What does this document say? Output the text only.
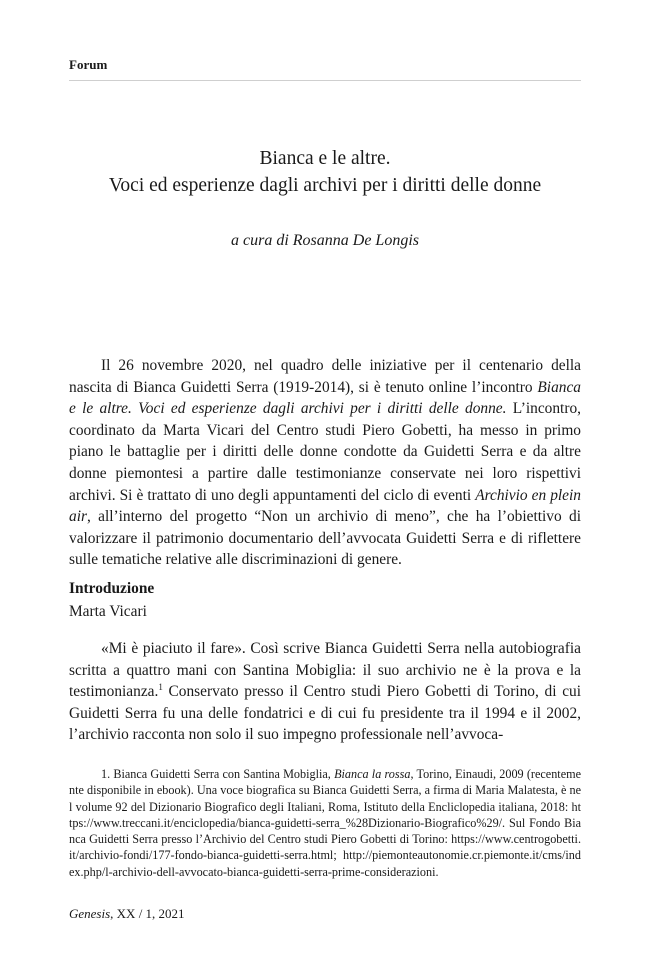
Forum
Bianca e le altre.
Voci ed esperienze dagli archivi per i diritti delle donne
a cura di Rosanna De Longis

Il 26 novembre 2020, nel quadro delle iniziative per il centenario della nascita di Bianca Guidetti Serra (1919-2014), si è tenuto online l’incontro Bianca e le altre. Voci ed esperienze dagli archivi per i diritti delle donne. L’incontro, coordinato da Marta Vicari del Centro studi Piero Gobetti, ha messo in primo piano le battaglie per i diritti delle donne condotte da Guidetti Serra e da altre donne piemontesi a partire dalle testimonianze conservate nei loro rispettivi archivi. Si è trattato di uno degli appuntamenti del ciclo di eventi Archivio en plein air, all’interno del progetto “Non un archivio di meno”, che ha l’obiettivo di valorizzare il patrimonio documentario dell’avvocata Guidetti Serra e di riflettere sulle tematiche relative alle discriminazioni di genere.

Introduzione
Marta Vicari

«Mi è piaciuto il fare». Così scrive Bianca Guidetti Serra nella autobiografia scritta a quattro mani con Santina Mobiglia: il suo archivio ne è la prova e la testimonianza.$^1$ Conservato presso il Centro studi Piero Gobetti di Torino, di cui Guidetti Serra fu una delle fondatrici e di cui fu presidente tra il 1994 e il 2002, l’archivio racconta non solo il suo impegno professionale nell’avvoca-

1. Bianca Guidetti Serra con Santina Mobiglia, Bianca la rossa, Torino, Einaudi, 2009 (recentemente disponibile in ebook). Una voce biografica su Bianca Guidetti Serra, a firma di Maria Malatesta, è nel volume 92 del Dizionario Biografico degli Italiani, Roma, Istituto della Encliclopedia italiana, 2018: https://www.treccani.it/enciclopedia/bianca-guidetti-serra_%28Dizionario-Biografico%29/. Sul Fondo Bianca Guidetti Serra presso l’Archivio del Centro studi Piero Gobetti di Torino: https://www.centrogobetti.it/archivio-fondi/177-fondo-bianca-guidetti-serra.html; http://piemonteautonomie.cr.piemonte.it/cms/index.php/l-archivio-dell-avvocato-bianca-guidetti-serra-prime-considerazioni.

Genesis, XX / 1, 2021
